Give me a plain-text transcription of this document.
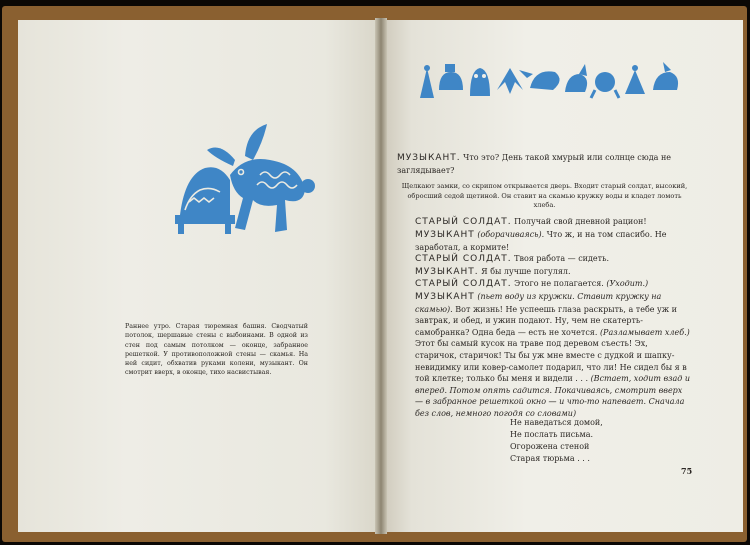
Раннее утро. Старая тюремная башня. Сводчатый потолок, шершавые стены с выбоинами. В одной из стен под самым потолком — оконце, забранное решеткой. У противоположной стены — скамья. На ней сидит, обхватив руками колени, музыкант. Он смотрит вверх, в оконце, тихо насвистывая.

МУЗЫКАНТ. Что это? День такой хмурый или солнце сюда не заглядывает?

Щелкают замки, со скрипом открывается дверь. Входит старый солдат, высокий, обросший седой щетиной. Он ставит на скамью кружку воды и кладет ломоть хлеба.

СТАРЫЙ СОЛДАТ. Получай свой дневной рацион!

МУЗЫКАНТ (оборачиваясь). Что ж, и на том спасибо. Не заработал, а кормите!

СТАРЫЙ СОЛДАТ. Твоя работа — сидеть.

МУЗЫКАНТ. Я бы лучше погулял.

СТАРЫЙ СОЛДАТ. Этого не полагается. (Уходит.)

МУЗЫКАНТ (пьет воду из кружки. Ставит кружку на скамью). Вот жизнь! Не успеешь глаза раскрыть, а тебе уж и завтрак, и обед, и ужин подают. Ну, чем не скатерть-самобранка? Одна беда — есть не хочется. (Разламывает хлеб.) Этот бы самый кусок на траве под деревом съесть! Эх, старичок, старичок! Ты бы уж мне вместе с дудкой и шапку-невидимку или ковер-самолет подарил, что ли! Не сидел бы я в той клетке; только бы меня и видели . . . (Встает, ходит взад и вперед. Потом опять садится. Покачиваясь, смотрит вверх — в забранное решеткой окно — и что-то напевает. Сначала без слов, немного погодя со словами)

Не наведаться домой,
Не послать письма.
Огорожена стеной
Старая тюрьма . . .
75
